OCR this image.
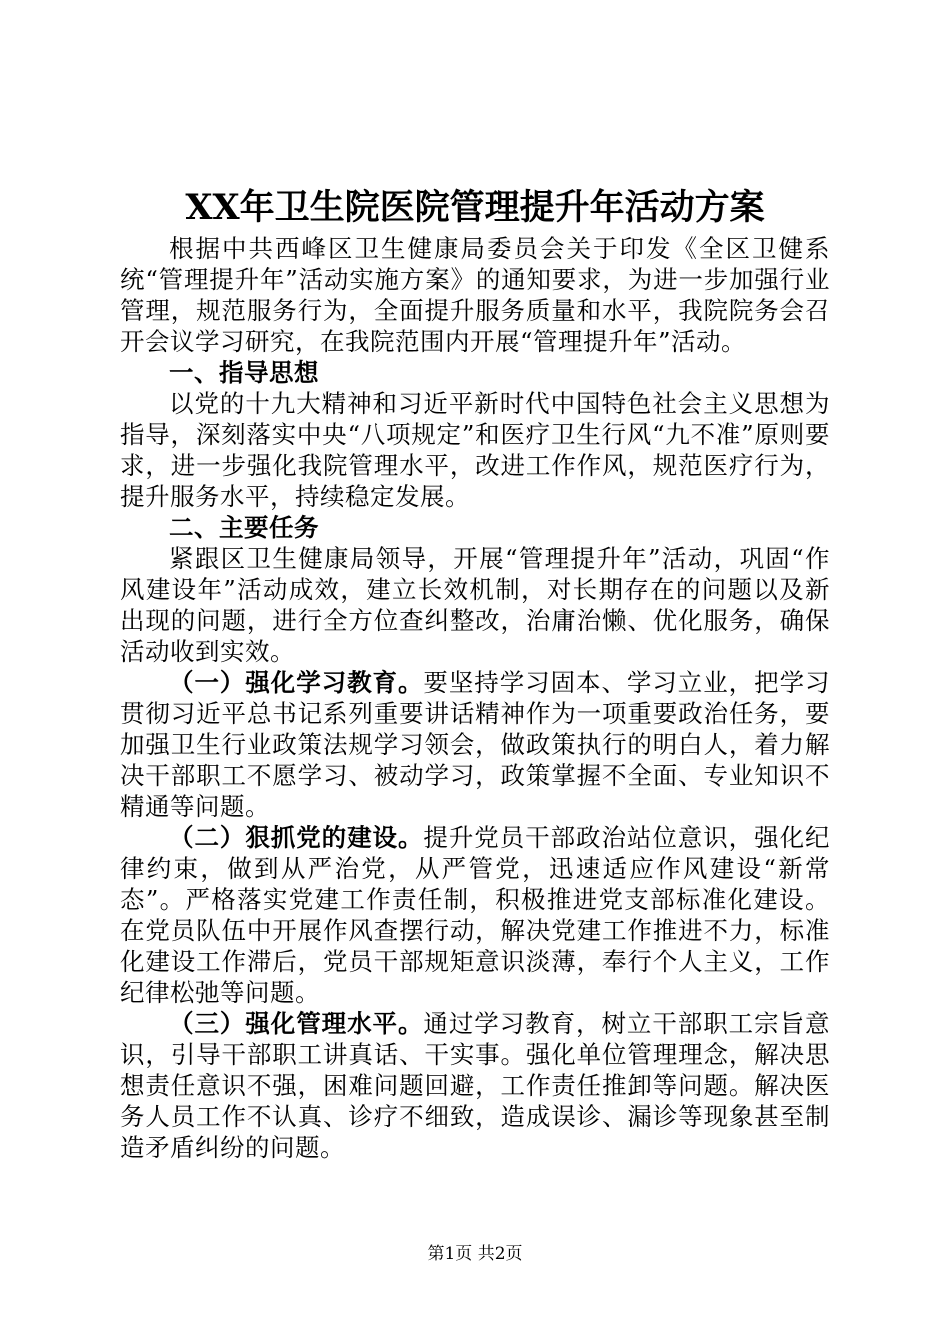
XX年卫生院医院管理提升年活动方案

根据中共西峰区卫生健康局委员会关于印发《全区卫健系统“管理提升年”活动实施方案》的通知要求，为进一步加强行业管理，规范服务行为，全面提升服务质量和水平，我院院务会召开会议学习研究，在我院范围内开展“管理提升年”活动。

一、指导思想

以党的十九大精神和习近平新时代中国特色社会主义思想为指导，深刻落实中央“八项规定”和医疗卫生行风“九不准”原则要求，进一步强化我院管理水平，改进工作作风，规范医疗行为，提升服务水平，持续稳定发展。

二、主要任务

紧跟区卫生健康局领导，开展“管理提升年”活动，巩固“作风建设年”活动成效，建立长效机制，对长期存在的问题以及新出现的问题，进行全方位查纠整改，治庸治懒、优化服务，确保活动收到实效。

（一）强化学习教育。要坚持学习固本、学习立业，把学习贯彻习近平总书记系列重要讲话精神作为一项重要政治任务，要加强卫生行业政策法规学习领会，做政策执行的明白人，着力解决干部职工不愿学习、被动学习，政策掌握不全面、专业知识不精通等问题。

（二）狠抓党的建设。提升党员干部政治站位意识，强化纪律约束，做到从严治党，从严管党，迅速适应作风建设“新常态”。严格落实党建工作责任制，积极推进党支部标准化建设。在党员队伍中开展作风查摆行动，解决党建工作推进不力，标准化建设工作滞后，党员干部规矩意识淡薄，奉行个人主义，工作纪律松弛等问题。

（三）强化管理水平。通过学习教育，树立干部职工宗旨意识，引导干部职工讲真话、干实事。强化单位管理理念，解决思想责任意识不强，困难问题回避，工作责任推卸等问题。解决医务人员工作不认真、诊疗不细致，造成误诊、漏诊等现象甚至制造矛盾纠纷的问题。

第1页 共2页
